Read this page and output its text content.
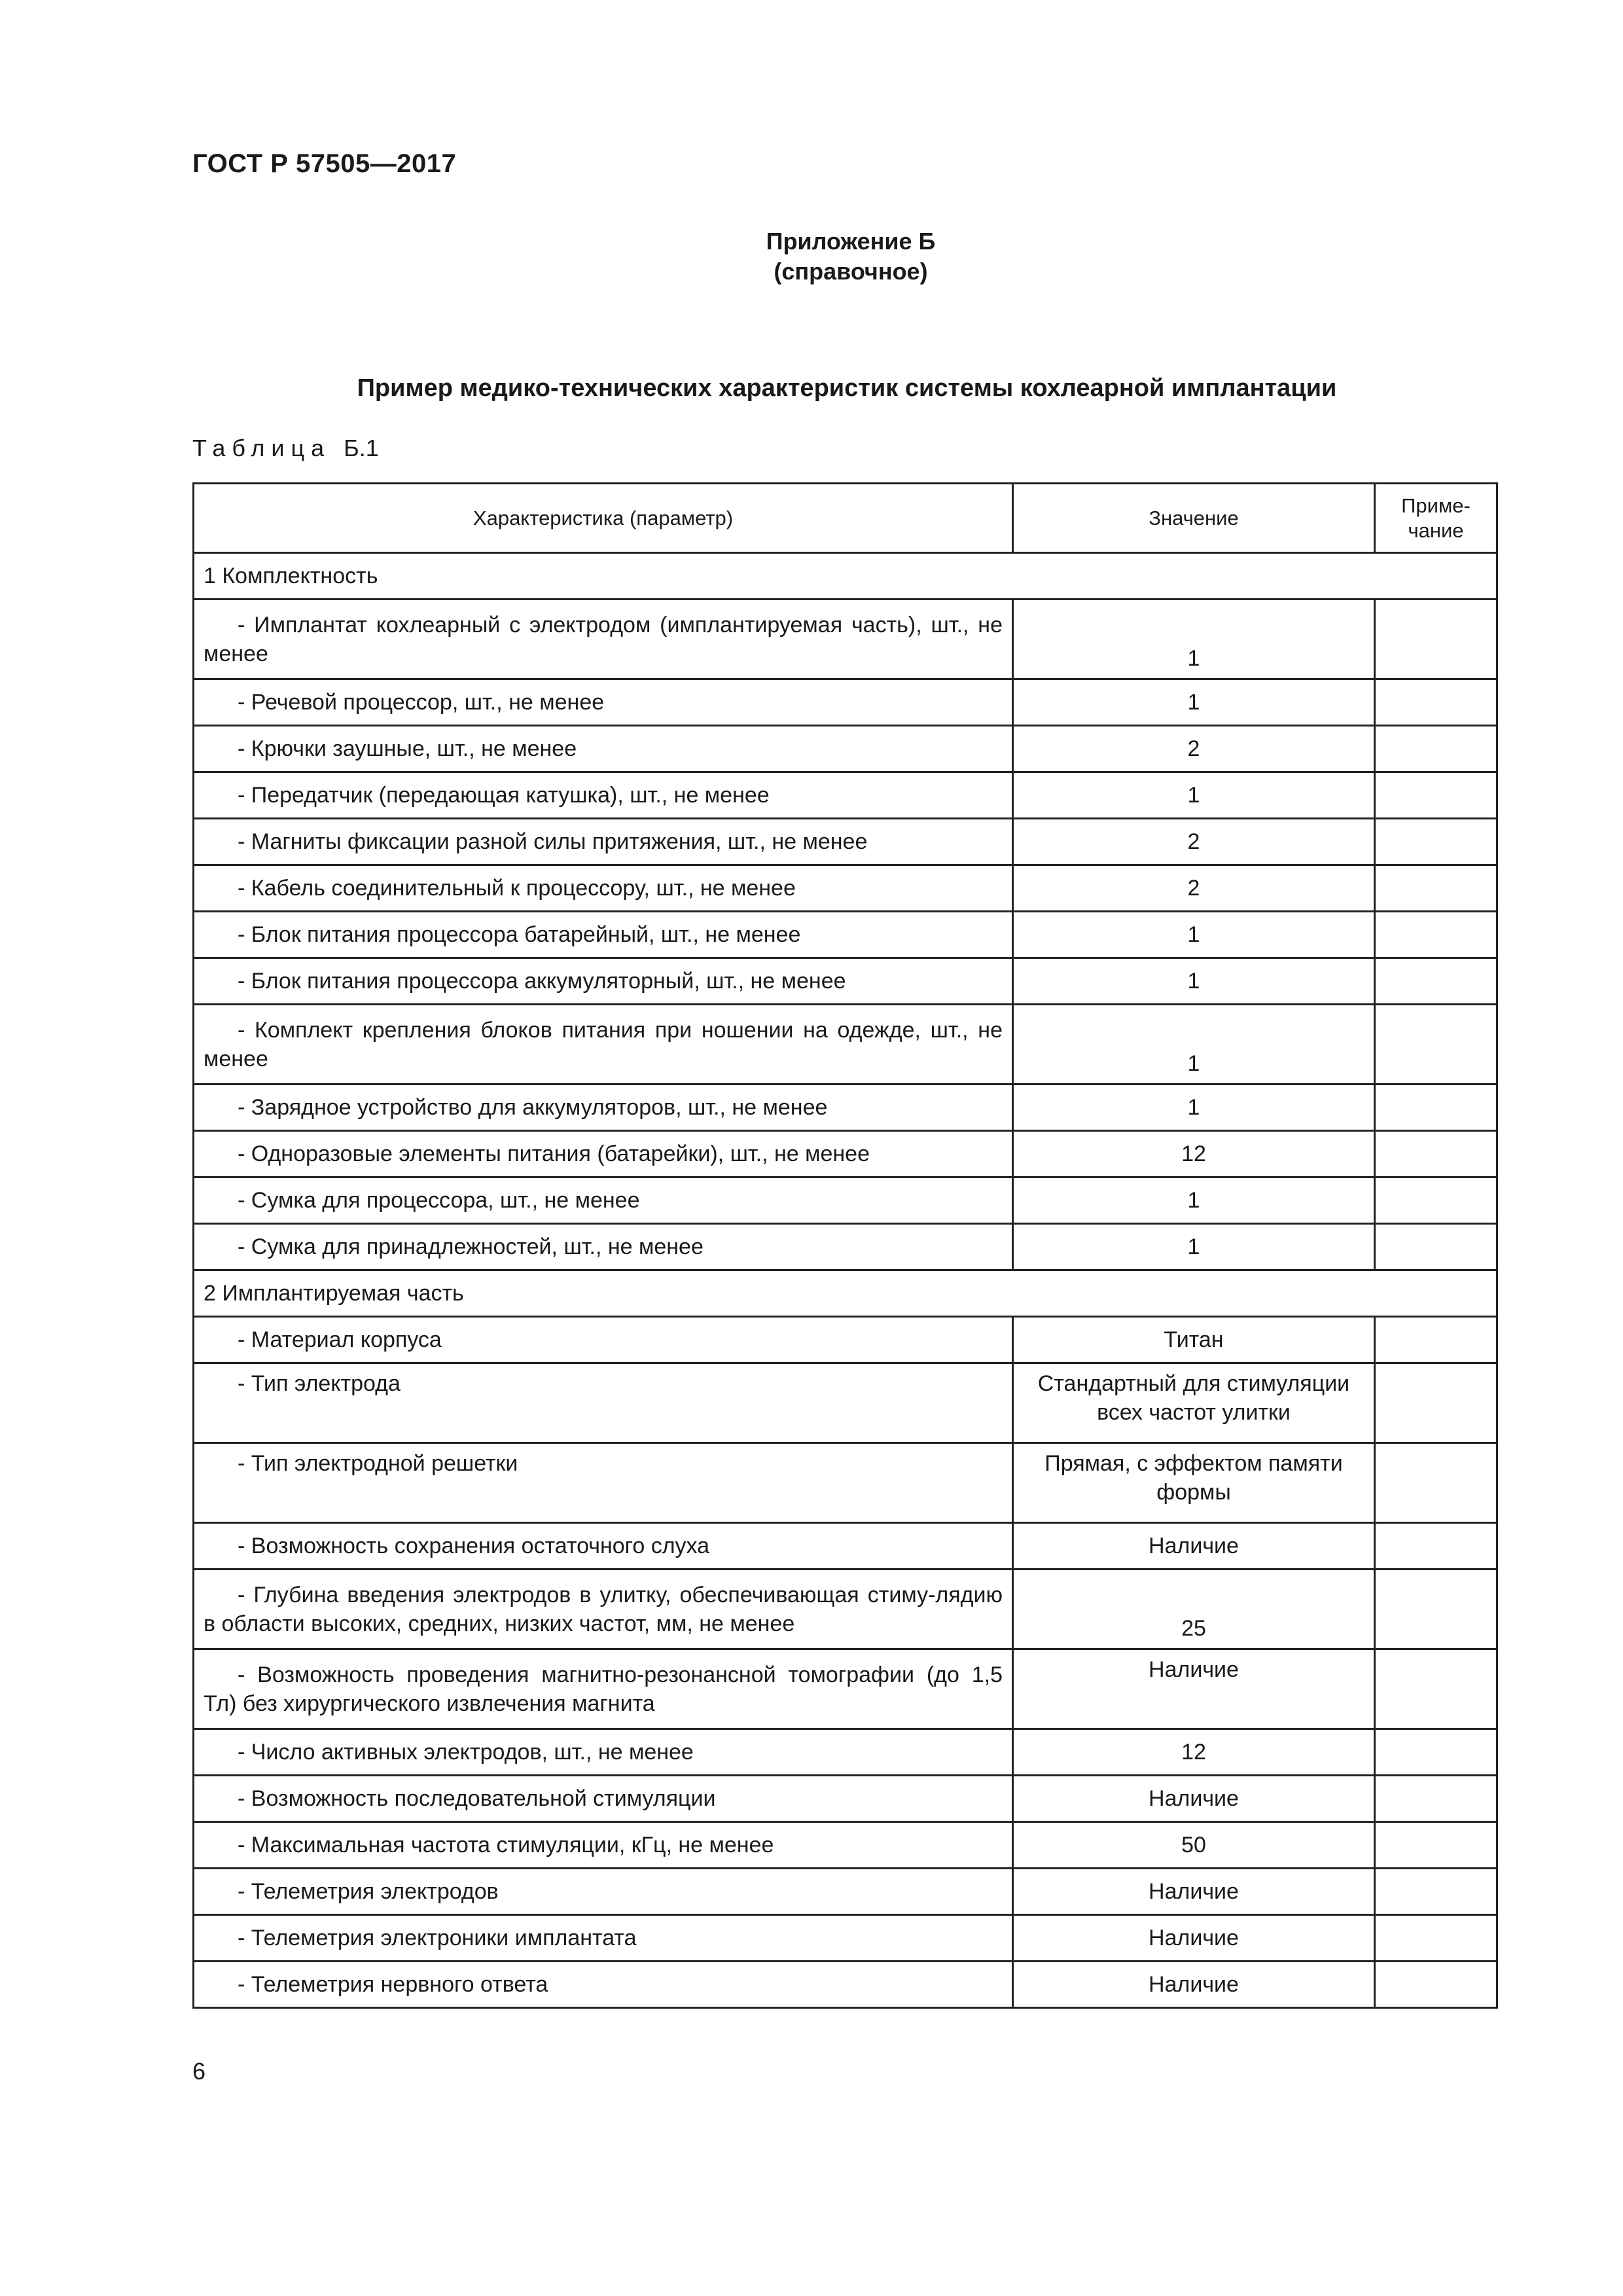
ГОСТ Р 57505—2017
Приложение Б
(справочное)
Пример медико-технических характеристик системы кохлеарной имплантации
Таблица Б.1
Характеристика (параметр)	Значение	Приме-
чание
1 Комплектность		

- Имплантат кохлеарный с электродом (имплантируемая часть), шт., не менее	1	

- Речевой процессор, шт., не менее	1	

- Крючки заушные, шт., не менее	2	

- Передатчик (передающая катушка), шт., не менее	1	

- Магниты фиксации разной силы притяжения, шт., не менее	2	

- Кабель соединительный к процессору, шт., не менее	2	

- Блок питания процессора батарейный, шт., не менее	1	

- Блок питания процессора аккумуляторный, шт., не менее	1	

- Комплект крепления блоков питания при ношении на одежде, шт., не менее	1	

- Зарядное устройство для аккумуляторов, шт., не менее	1	

- Одноразовые элементы питания (батарейки), шт., не менее	12	

- Сумка для процессора, шт., не менее	1	

- Сумка для принадлежностей, шт., не менее	1	
2 Имплантируемая часть		

- Материал корпуса	Титан	

- Тип электрода	Стандартный для стимуляции всех частот улитки	

- Тип электродной решетки	Прямая, с эффектом памяти формы	

- Возможность сохранения остаточного слуха	Наличие	

- Глубина введения электродов в улитку, обеспечивающая стиму-лядию в области высоких, средних, низких частот, мм, не менее	25	

- Возможность проведения магнитно-резонансной томографии (до 1,5 Тл) без хирургического извлечения магнита	Наличие	

- Число активных электродов, шт., не менее	12	

- Возможность последовательной стимуляции	Наличие	

- Максимальная частота стимуляции, кГц, не менее	50	

- Телеметрия электродов	Наличие	

- Телеметрия электроники имплантата	Наличие	

- Телеметрия нервного ответа	Наличие	
6
